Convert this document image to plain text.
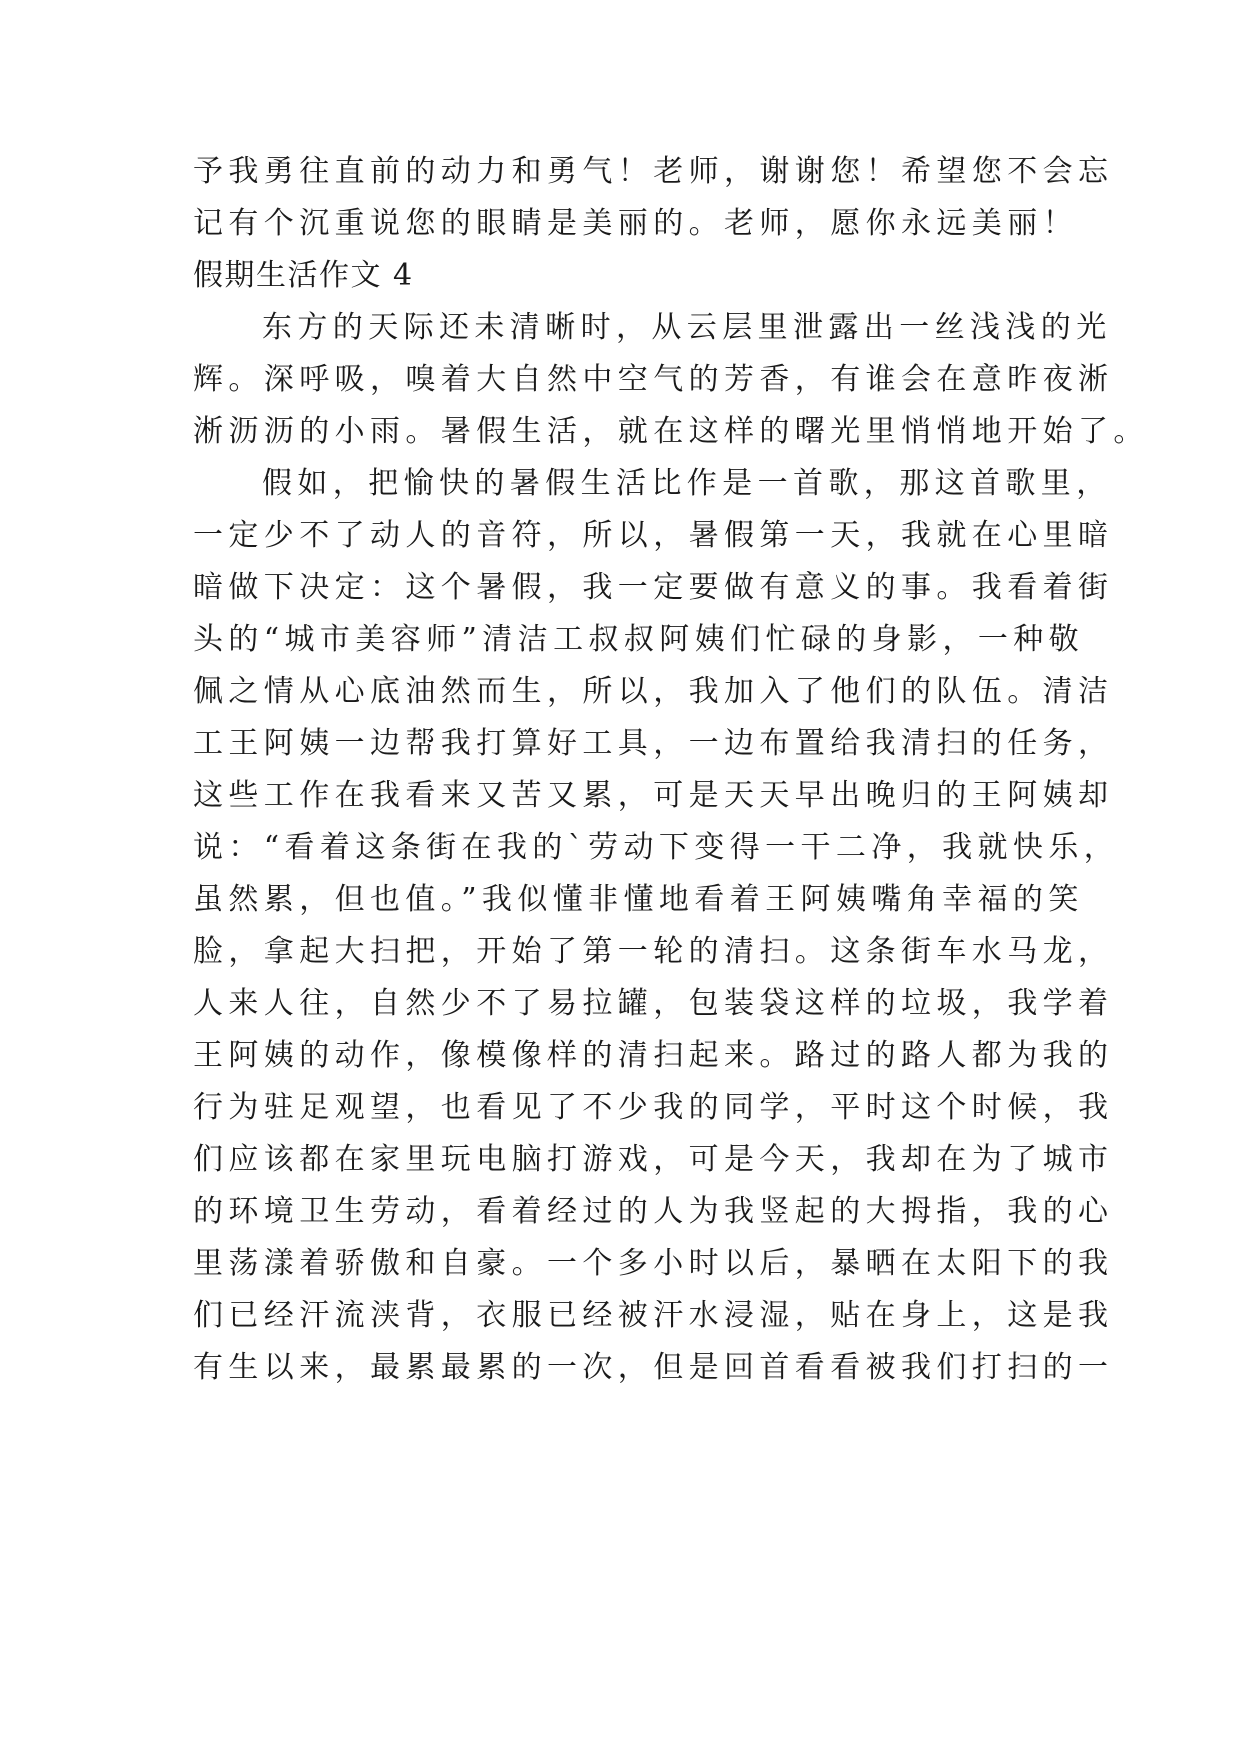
予我勇往直前的动力和勇气！老师，谢谢您！希望您不会忘
记有个沉重说您的眼睛是美丽的。老师，愿你永远美丽！
假期生活作文 4
东方的天际还未清晰时，从云层里泄露出一丝浅浅的光
辉。深呼吸，嗅着大自然中空气的芳香，有谁会在意昨夜淅
淅沥沥的小雨。暑假生活，就在这样的曙光里悄悄地开始了。
假如，把愉快的暑假生活比作是一首歌，那这首歌里，
一定少不了动人的音符，所以，暑假第一天，我就在心里暗
暗做下决定：这个暑假，我一定要做有意义的事。我看着街
头的“城市美容师”清洁工叔叔阿姨们忙碌的身影，一种敬
佩之情从心底油然而生，所以，我加入了他们的队伍。清洁
工王阿姨一边帮我打算好工具，一边布置给我清扫的任务，
这些工作在我看来又苦又累，可是天天早出晚归的王阿姨却
说：“看着这条街在我的`劳动下变得一干二净，我就快乐，
虽然累，但也值。”我似懂非懂地看着王阿姨嘴角幸福的笑
脸，拿起大扫把，开始了第一轮的清扫。这条街车水马龙，
人来人往，自然少不了易拉罐，包装袋这样的垃圾，我学着
王阿姨的动作，像模像样的清扫起来。路过的路人都为我的
行为驻足观望，也看见了不少我的同学，平时这个时候，我
们应该都在家里玩电脑打游戏，可是今天，我却在为了城市
的环境卫生劳动，看着经过的人为我竖起的大拇指，我的心
里荡漾着骄傲和自豪。一个多小时以后，暴晒在太阳下的我
们已经汗流浃背，衣服已经被汗水浸湿，贴在身上，这是我
有生以来，最累最累的一次，但是回首看看被我们打扫的一
